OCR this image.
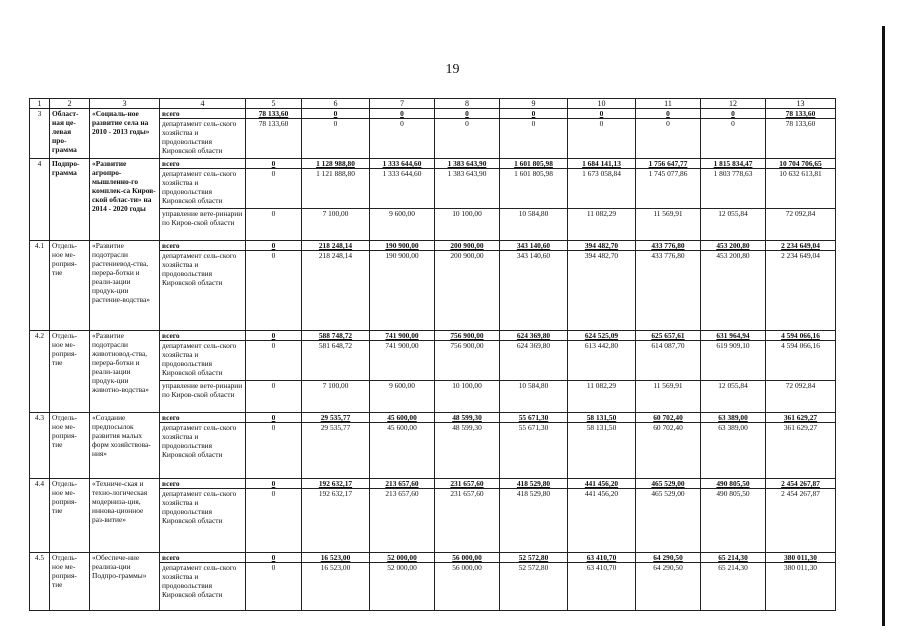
19
1	2	3	4	5	6	7	8	9	10	11	12	13
3	Област-ная це-левая про-грамма	«Социаль-ное развитие села на 2010 - 2013 годы»	всего	78 133,60	0	0	0	0	0	0	0	78 133,60
			департамент сель-ского хозяйства и продовольствия Кировской области	78 133,60	0	0	0	0	0	0	0	78 133,60
4	Подпро-грамма	«Развитие агропро-мышленно-го комплек-са Киров-ской облас-ти» на 2014 - 2020 годы	всего	0	1 128 988,80	1 333 644,60	1 383 643,90	1 601 805,98	1 684 141,13	1 756 647,77	1 815 834,47	10 704 706,65
			департамент сель-ского хозяйства и продовольствия Кировской области	0	1 121 888,80	1 333 644,60	1 383 643,90	1 601 805,98	1 673 058,84	1 745 077,86	1 803 778,63	10 632 613,81
			управление вете-ринарии по Киров-ской области	0	7 100,00	9 600,00	10 100,00	10 584,80	11 082,29	11 569,91	12 055,84	72 092,84
4.1	Отдель-ное ме-роприя-тие	«Развитие подотрасли растениевод-ства, перера-ботки и реали-зации продук-ции растение-водства»	всего	0	218 248,14	190 900,00	200 900,00	343 140,60	394 482,70	433 776,80	453 200,80	2 234 649,04
			департамент сель-ского хозяйства и продовольствия Кировской области	0	218 248,14	190 900,00	200 900,00	343 140,60	394 482,70	433 776,80	453 200,80	2 234 649,04
4.2	Отдель-ное ме-роприя-тие	«Развитие подотрасли животновод-ства, перера-ботки и реали-зации продук-ции животно-водства»	всего	0	588 748,72	741 900,00	756 900,00	624 369,80	624 525,09	625 657,61	631 964,94	4 594 066,16
			департамент сель-ского хозяйства и продовольствия Кировской области	0	581 648,72	741 900,00	756 900,00	624 369,80	613 442,80	614 087,70	619 909,10	4 594 066,16
			управление вете-ринарии по Киров-ской области	0	7 100,00	9 600,00	10 100,00	10 584,80	11 082,29	11 569,91	12 055,84	72 092,84
4.3	Отдель-ное ме-роприя-тие	«Создание предпосылок развития малых форм хозяйствова-ния»	всего	0	29 535,77	45 600,00	48 599,30	55 671,30	58 131,50	60 702,40	63 389,00	361 629,27
			департамент сель-ского хозяйства и продовольствия Кировской области	0	29 535,77	45 600,00	48 599,30	55 671,30	58 131,50	60 702,40	63 389,00	361 629,27
4.4	Отдель-ное ме-роприя-тие	«Техниче-ская и техно-логическая модерниза-ция, иннова-ционное раз-витие»	всего	0	192 632,17	213 657,60	231 657,60	418 529,80	441 456,20	465 529,00	490 805,50	2 454 267,87
			департамент сель-ского хозяйства и продовольствия Кировской области	0	192 632,17	213 657,60	231 657,60	418 529,80	441 456,20	465 529,00	490 805,50	2 454 267,87
4.5	Отдель-ное ме-роприя-тие	«Обеспече-ние реализа-ции Подпро-граммы»	всего	0	16 523,00	52 000,00	56 000,00	52 572,80	63 410,70	64 290,50	65 214,30	380 011,30
			департамент сель-ского хозяйства и продовольствия Кировской области	0	16 523,00	52 000,00	56 000,00	52 572,80	63 410,70	64 290,50	65 214,30	380 011,30
